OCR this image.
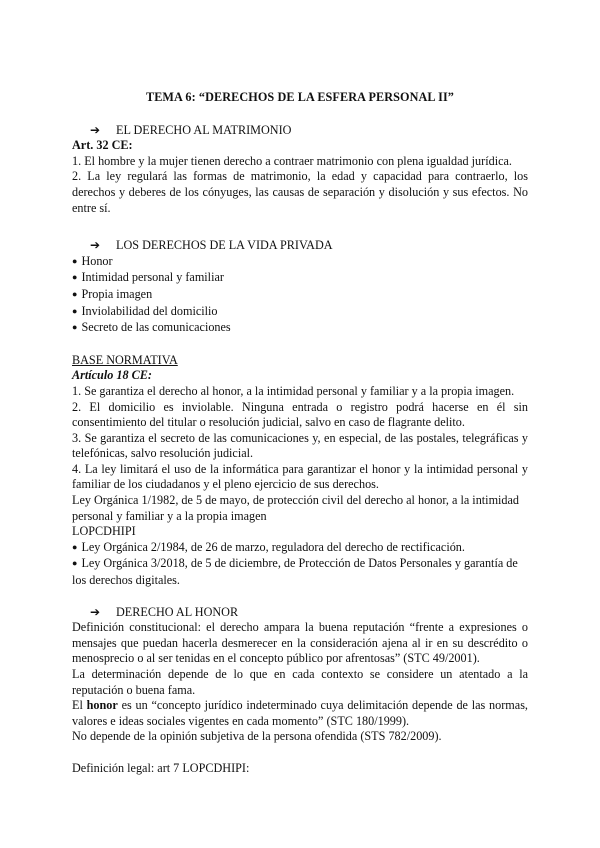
TEMA 6: “DERECHOS DE LA ESFERA PERSONAL II”

➔ EL DERECHO AL MATRIMONIO

Art. 32 CE:

1. El hombre y la mujer tienen derecho a contraer matrimonio con plena igualdad jurídica.

2. La ley regulará las formas de matrimonio, la edad y capacidad para contraerlo, los derechos y deberes de los cónyuges, las causas de separación y disolución y sus efectos. No entre sí.

➔ LOS DERECHOS DE LA VIDA PRIVADA
● Honor
● Intimidad personal y familiar
● Propia imagen
● Inviolabilidad del domicilio
● Secreto de las comunicaciones

BASE NORMATIVA

Artículo 18 CE:

1. Se garantiza el derecho al honor, a la intimidad personal y familiar y a la propia imagen.

2. El domicilio es inviolable. Ninguna entrada o registro podrá hacerse en él sin consentimiento del titular o resolución judicial, salvo en caso de flagrante delito.

3. Se garantiza el secreto de las comunicaciones y, en especial, de las postales, telegráficas y telefónicas, salvo resolución judicial.

4. La ley limitará el uso de la informática para garantizar el honor y la intimidad personal y familiar de los ciudadanos y el pleno ejercicio de sus derechos.

Ley Orgánica 1/1982, de 5 de mayo, de protección civil del derecho al honor, a la intimidad personal y familiar y a la propia imagen

LOPCDHIPI

● Ley Orgánica 2/1984, de 26 de marzo, reguladora del derecho de rectificación.
● Ley Orgánica 3/2018, de 5 de diciembre, de Protección de Datos Personales y garantía de los derechos digitales.
➔ DERECHO AL HONOR

Definición constitucional: el derecho ampara la buena reputación “frente a expresiones o mensajes que puedan hacerla desmerecer en la consideración ajena al ir en su descrédito o menosprecio o al ser tenidas en el concepto público por afrentosas” (STC 49/2001).

La determinación depende de lo que en cada contexto se considere un atentado a la reputación o buena fama.

El honor es un “concepto jurídico indeterminado cuya delimitación depende de las normas, valores e ideas sociales vigentes en cada momento” (STC 180/1999).

No depende de la opinión subjetiva de la persona ofendida (STS 782/2009).

Definición legal: art 7 LOPCDHIPI:
